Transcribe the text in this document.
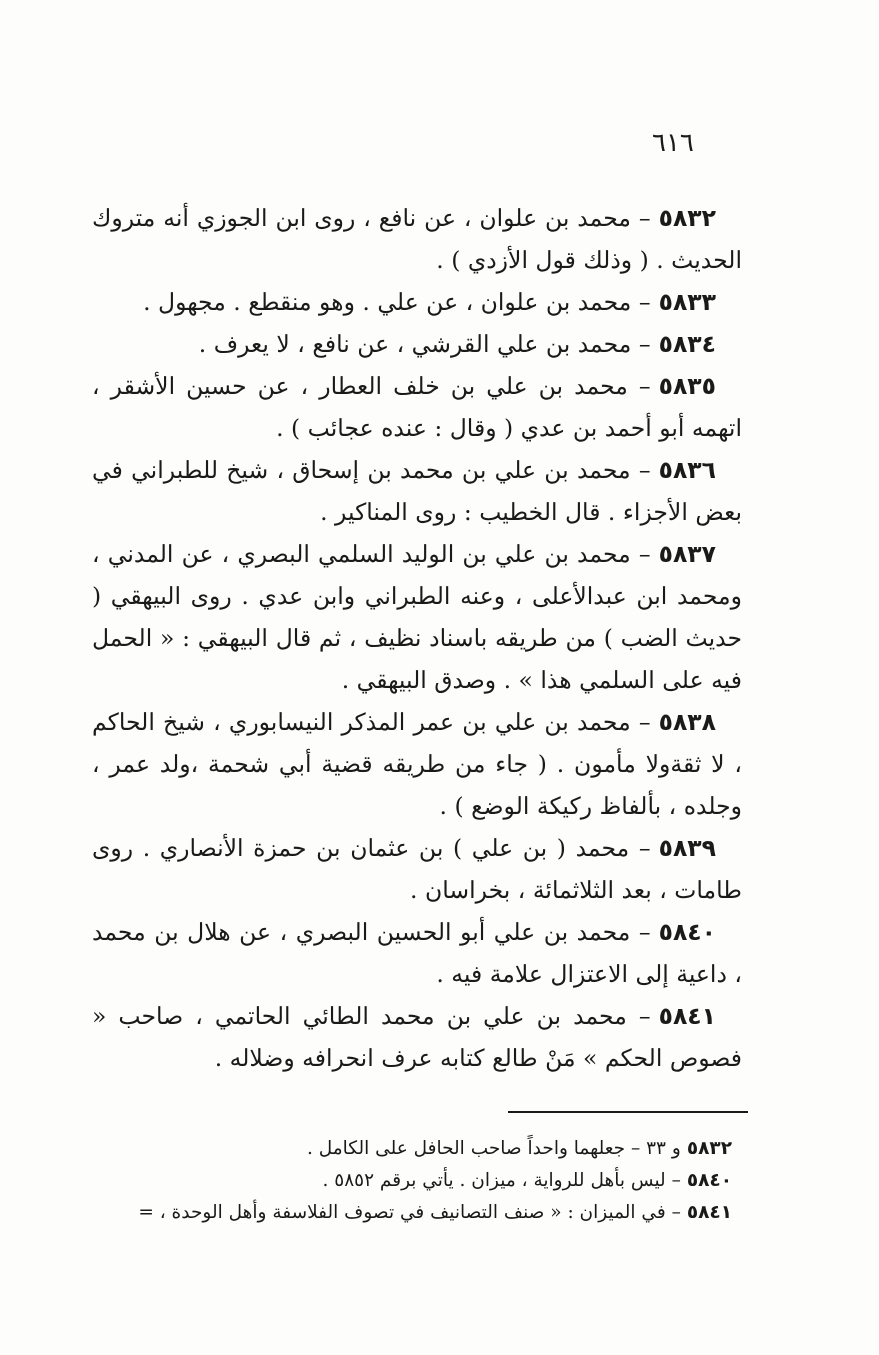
٦١٦

٥٨٣٢– محمد بن علوان ، عن نافع ، روى ابن الجوزي أنه متروك الحديث . ( وذلك قول الأزدي ) .

٥٨٣٣– محمد بن علوان ، عن علي . وهو منقطع . مجهول .

٥٨٣٤– محمد بن علي القرشي ، عن نافع ، لا يعرف .

٥٨٣٥– محمد بن علي بن خلف العطار ، عن حسين الأشقر ، اتهمه أبو أحمد بن عدي ( وقال : عنده عجائب ) .

٥٨٣٦– محمد بن علي بن محمد بن إسحاق ، شيخ للطبراني في بعض الأجزاء . قال الخطيب : روى المناكير .

٥٨٣٧– محمد بن علي بن الوليد السلمي البصري ، عن المدني ، ومحمد ابن عبدالأعلى ، وعنه الطبراني وابن عدي . روى البيهقي ( حديث الضب ) من طريقه باسناد نظيف ، ثم قال البيهقي : « الحمل فيه على السلمي هذا » . وصدق البيهقي .

٥٨٣٨– محمد بن علي بن عمر المذكر النيسابوري ، شيخ الحاكم ، لا ثقةولا مأمون . ( جاء من طريقه قضية أبي شحمة ،ولد عمر ، وجلده ، بألفاظ ركيكة الوضع ) .

٥٨٣٩– محمد ( بن علي ) بن عثمان بن حمزة الأنصاري . روى طامات ، بعد الثلاثمائة ، بخراسان .

٥٨٤٠– محمد بن علي أبو الحسين البصري ، عن هلال بن محمد ، داعية إلى الاعتزال علامة فيه .

٥٨٤١– محمد بن علي بن محمد الطائي الحاتمي ، صاحب « فصوص الحكم » مَنْ طالع كتابه عرف انحرافه وضلاله .

٥٨٣٢و ٣٣ – جعلهما واحداً صاحب الحافل على الكامل .
٥٨٤٠– ليس بأهل للرواية ، ميزان . يأتي برقم ٥٨٥٢ .
٥٨٤١– في الميزان : « صنف التصانيف في تصوف الفلاسفة وأهل الوحدة ، =
